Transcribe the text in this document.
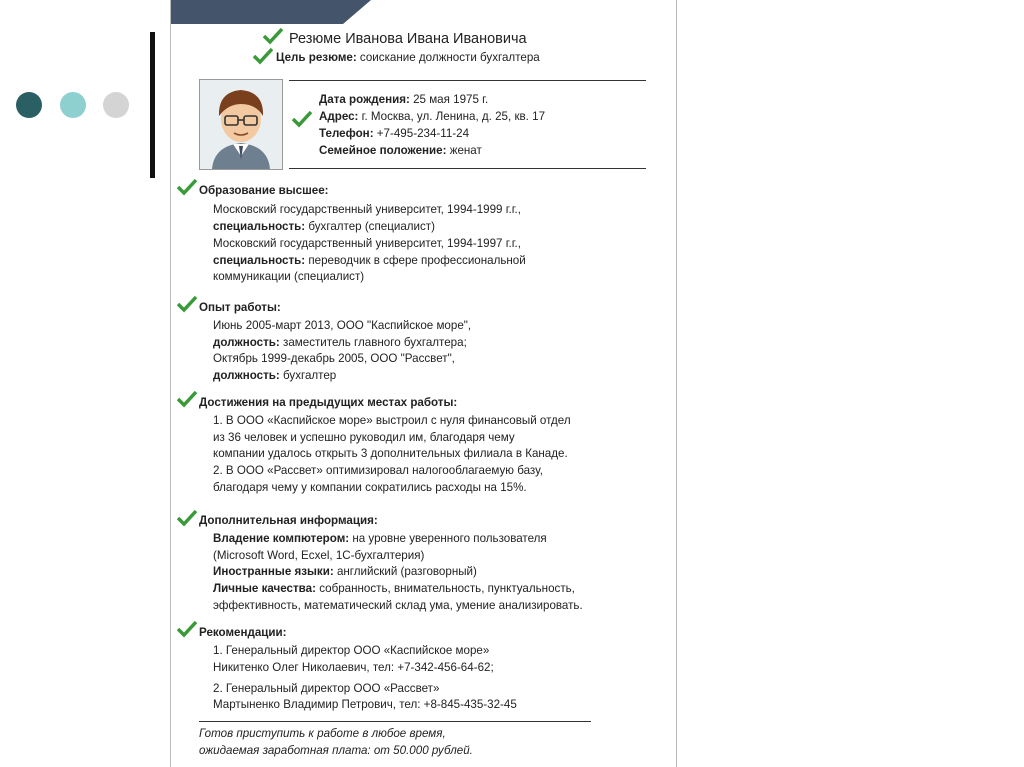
Резюме Иванова Ивана Ивановича
Цель резюме: соискание должности бухгалтера
Дата рождения: 25 мая 1975 г.
Адрес: г. Москва, ул. Ленина, д. 25, кв. 17
Телефон: +7-495-234-11-24
Семейное положение: женат
Образование высшее:
Московский государственный университет, 1994-1999 г.г.,
специальность: бухгалтер (специалист)
Московский государственный университет, 1994-1997 г.г.,
специальность: переводчик в сфере профессиональной
коммуникации (специалист)
Опыт работы:
Июнь 2005-март 2013, ООО "Каспийское море",
должность: заместитель главного бухгалтера;
Октябрь 1999-декабрь 2005, ООО "Рассвет",
должность: бухгалтер
Достижения на предыдущих местах работы:
1. В ООО «Каспийское море» выстроил с нуля финансовый отдел
из 36 человек и успешно руководил им, благодаря чему
компании удалось открыть 3 дополнительных филиала в Канаде.
2. В ООО «Рассвет» оптимизировал налогооблагаемую базу,
благодаря чему у компании сократились расходы на 15%.
Дополнительная информация:
Владение компютером: на уровне уверенного пользователя
(Microsoft Word, Ecxel, 1С-бухгалтерия)
Иностранные языки: английский (разговорный)
Личные качества: собранность, внимательность, пунктуальность,
эффективность, математический склад ума, умение анализировать.
Рекомендации:
1. Генеральный директор ООО «Каспийское море»
Никитенко Олег Николаевич, тел: +7-342-456-64-62;
2. Генеральный директор ООО «Рассвет»
Мартыненко Владимир Петрович, тел: +8-845-435-32-45
Готов приступить к работе в любое время,
ожидаемая заработная плата: от 50.000 рублей.
